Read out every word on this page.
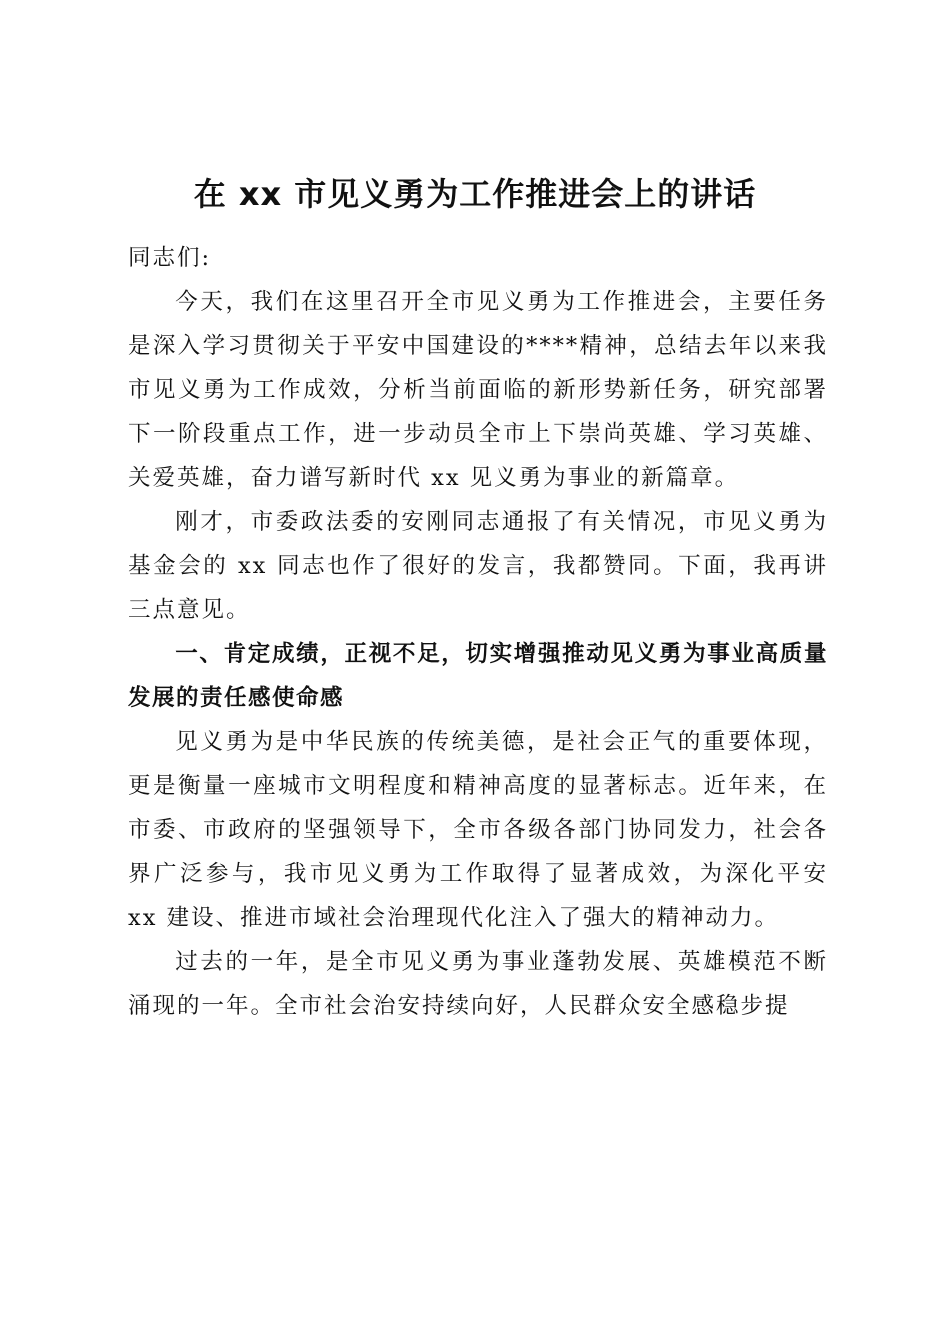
在 xx 市见义勇为工作推进会上的讲话

同志们:

今天，我们在这里召开全市见义勇为工作推进会，主要任务是深入学习贯彻关于平安中国建设的****精神，总结去年以来我市见义勇为工作成效，分析当前面临的新形势新任务，研究部署下一阶段重点工作，进一步动员全市上下崇尚英雄、学习英雄、关爱英雄，奋力谱写新时代 xx 见义勇为事业的新篇章。

刚才，市委政法委的安刚同志通报了有关情况，市见义勇为基金会的 xx 同志也作了很好的发言，我都赞同。下面，我再讲三点意见。

一、肯定成绩，正视不足，切实增强推动见义勇为事业高质量发展的责任感使命感

见义勇为是中华民族的传统美德，是社会正气的重要体现，更是衡量一座城市文明程度和精神高度的显著标志。近年来，在市委、市政府的坚强领导下，全市各级各部门协同发力，社会各界广泛参与，我市见义勇为工作取得了显著成效，为深化平安 xx 建设、推进市域社会治理现代化注入了强大的精神动力。

过去的一年，是全市见义勇为事业蓬勃发展、英雄模范不断涌现的一年。全市社会治安持续向好，人民群众安全感稳步提
